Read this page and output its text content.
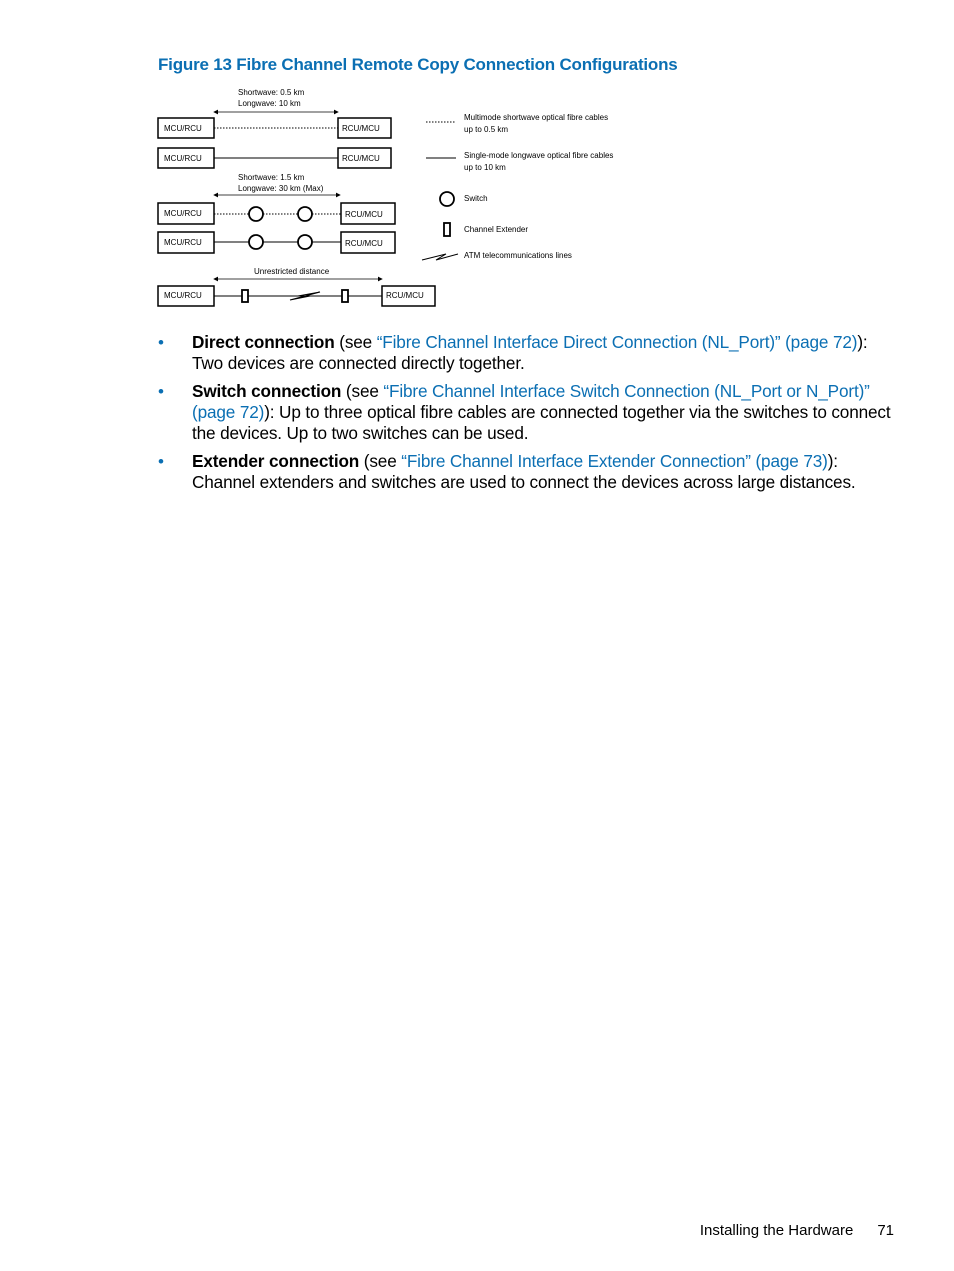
Figure 13 Fibre Channel Remote Copy Connection Configurations
Shortwave: 0.5 km
Longwave: 10 km
MCU/RCU	RCU/MCU
MCU/RCU	RCU/MCU
Shortwave: 1.5 km
Longwave: 30 km (Max)
MCU/RCU	RCU/MCU
MCU/RCU	RCU/MCU
Unrestricted distance
MCU/RCU	RCU/MCU
Multimode shortwave optical fibre cables
up to 0.5 km
Single-mode longwave optical fibre cables
up to 10 km
Switch
Channel Extender
ATM telecommunications lines
• Direct connection (see “Fibre Channel Interface Direct Connection (NL_Port)” (page 72)): Two devices are connected directly together.
• Switch connection (see “Fibre Channel Interface Switch Connection (NL_Port or N_Port)” (page 72)): Up to three optical fibre cables are connected together via the switches to connect the devices. Up to two switches can be used.
• Extender connection (see “Fibre Channel Interface Extender Connection” (page 73)): Channel extenders and switches are used to connect the devices across large distances.
Installing the Hardware 71
